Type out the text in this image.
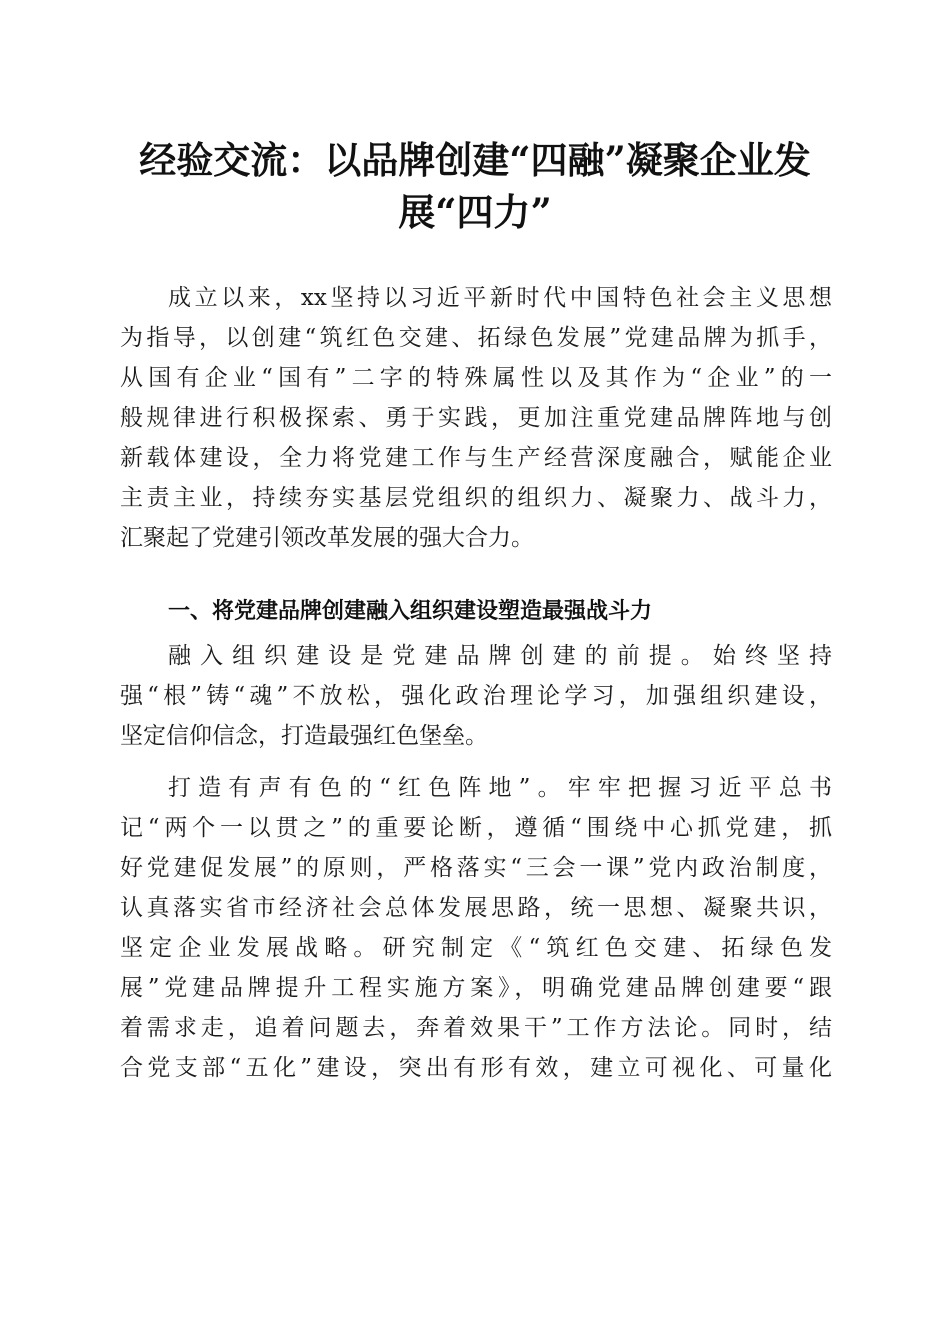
经验交流：以品牌创建“四融”凝聚企业发
展“四力”
成立以来，xx坚持以习近平新时代中国特色社会主义思想
为指导，以创建“筑红色交建、拓绿色发展”党建品牌为抓手，
从国有企业“国有”二字的特殊属性以及其作为“企业”的一
般规律进行积极探索、勇于实践，更加注重党建品牌阵地与创
新载体建设，全力将党建工作与生产经营深度融合，赋能企业
主责主业，持续夯实基层党组织的组织力、凝聚力、战斗力，
汇聚起了党建引领改革发展的强大合力。
一、将党建品牌创建融入组织建设塑造最强战斗力
融入组织建设是党建品牌创建的前提。始终坚持
强“根”铸“魂”不放松，强化政治理论学习，加强组织建设，
坚定信仰信念，打造最强红色堡垒。
打造有声有色的“红色阵地”。牢牢把握习近平总书
记“两个一以贯之”的重要论断，遵循“围绕中心抓党建，抓
好党建促发展”的原则，严格落实“三会一课”党内政治制度，
认真落实省市经济社会总体发展思路，统一思想、凝聚共识，
坚定企业发展战略。研究制定《“筑红色交建、拓绿色发
展”党建品牌提升工程实施方案》，明确党建品牌创建要“跟
着需求走，追着问题去，奔着效果干”工作方法论。同时，结
合党支部“五化”建设，突出有形有效，建立可视化、可量化
